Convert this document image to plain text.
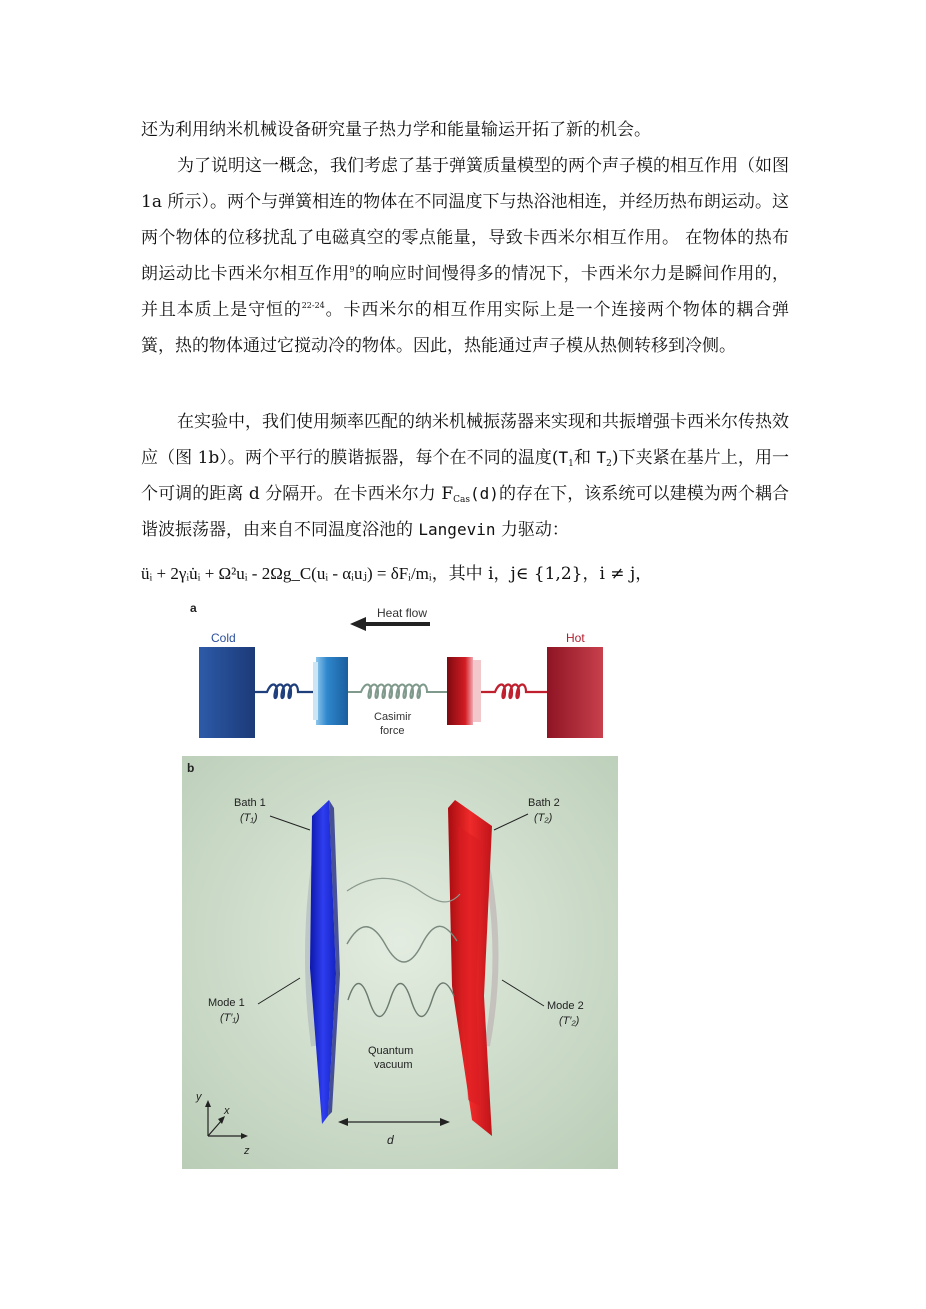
还为利用纳米机械设备研究量子热力学和能量输运开拓了新的机会。

为了说明这一概念，我们考虑了基于弹簧质量模型的两个声子模的相互作用（如图 1a 所示）。两个与弹簧相连的物体在不同温度下与热浴池相连，并经历热布朗运动。这两个物体的位移扰乱了电磁真空的零点能量，导致卡西米尔相互作用。 在物体的热布朗运动比卡西米尔相互作用$^9$的响应时间慢得多的情况下，卡西米尔力是瞬间作用的，并且本质上是守恒的$^{22-24}$。卡西米尔的相互作用实际上是一个连接两个物体的耦合弹簧，热的物体通过它搅动冷的物体。因此，热能通过声子模从热侧转移到冷侧。

在实验中，我们使用频率匹配的纳米机械振荡器来实现和共振增强卡西米尔传热效应（图 1b）。两个平行的膜谐振器，每个在不同的温度($T_1$和 $T_2$)下夹紧在基片上，用一个可调的距离 d 分隔开。在卡西米尔力 $F_{Cas}(d)$的存在下，该系统可以建模为两个耦合谐波振荡器，由来自不同温度浴池的 Langevin 力驱动：

üᵢ + 2γᵢu̇ᵢ + Ω²uᵢ - 2Ωg_C(uᵢ - αᵢuⱼ) = δFᵢ/mᵢ，其中 i，j∈ {1,2}，i ≠ j，
a	Heat flow
Cold
Casimir
force
Hot
b
Bath 1
(T₁)
Bath 2
(T₂)
Mode 1
(T′₁)
Mode 2
(T′₂)
Quantum
vacuum
d
y
x
z
